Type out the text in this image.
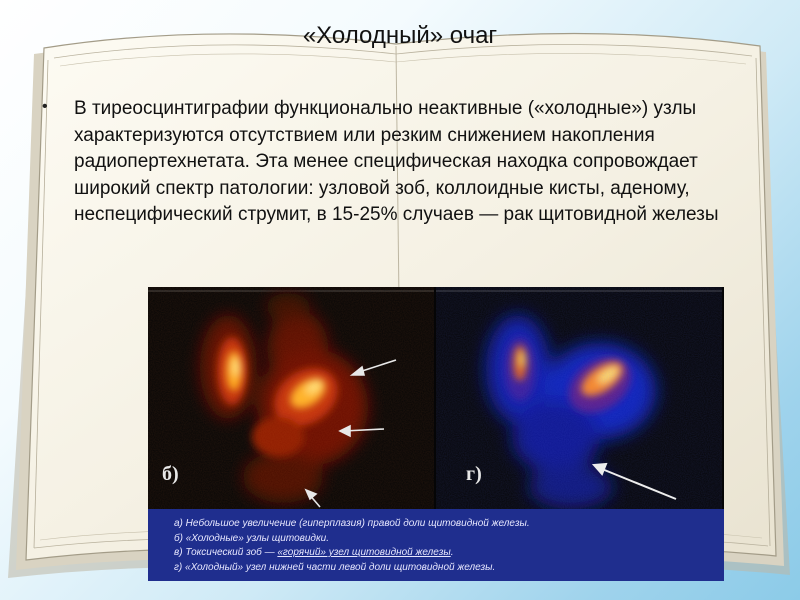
«Холодный» очаг
• В тиреосцинтиграфии функционально неактивные («холодные») узлы характеризуются отсутствием или резким снижением накопления радиопертехнетата. Эта менее специфическая находка сопровождает широкий спектр патологии: узловой зоб, коллоидные кисты, аденому, неспецифический струмит, в 15-25% случаев — рак щитовидной железы
б)	г)
а) Небольшое увеличение (гиперплазия) правой доли щитовидной железы.
б) «Холодные» узлы щитовидки.
в) Токсический зоб — «горячий» узел щитовидной железы.
г) «Холодный» узел нижней части левой доли щитовидной железы.
